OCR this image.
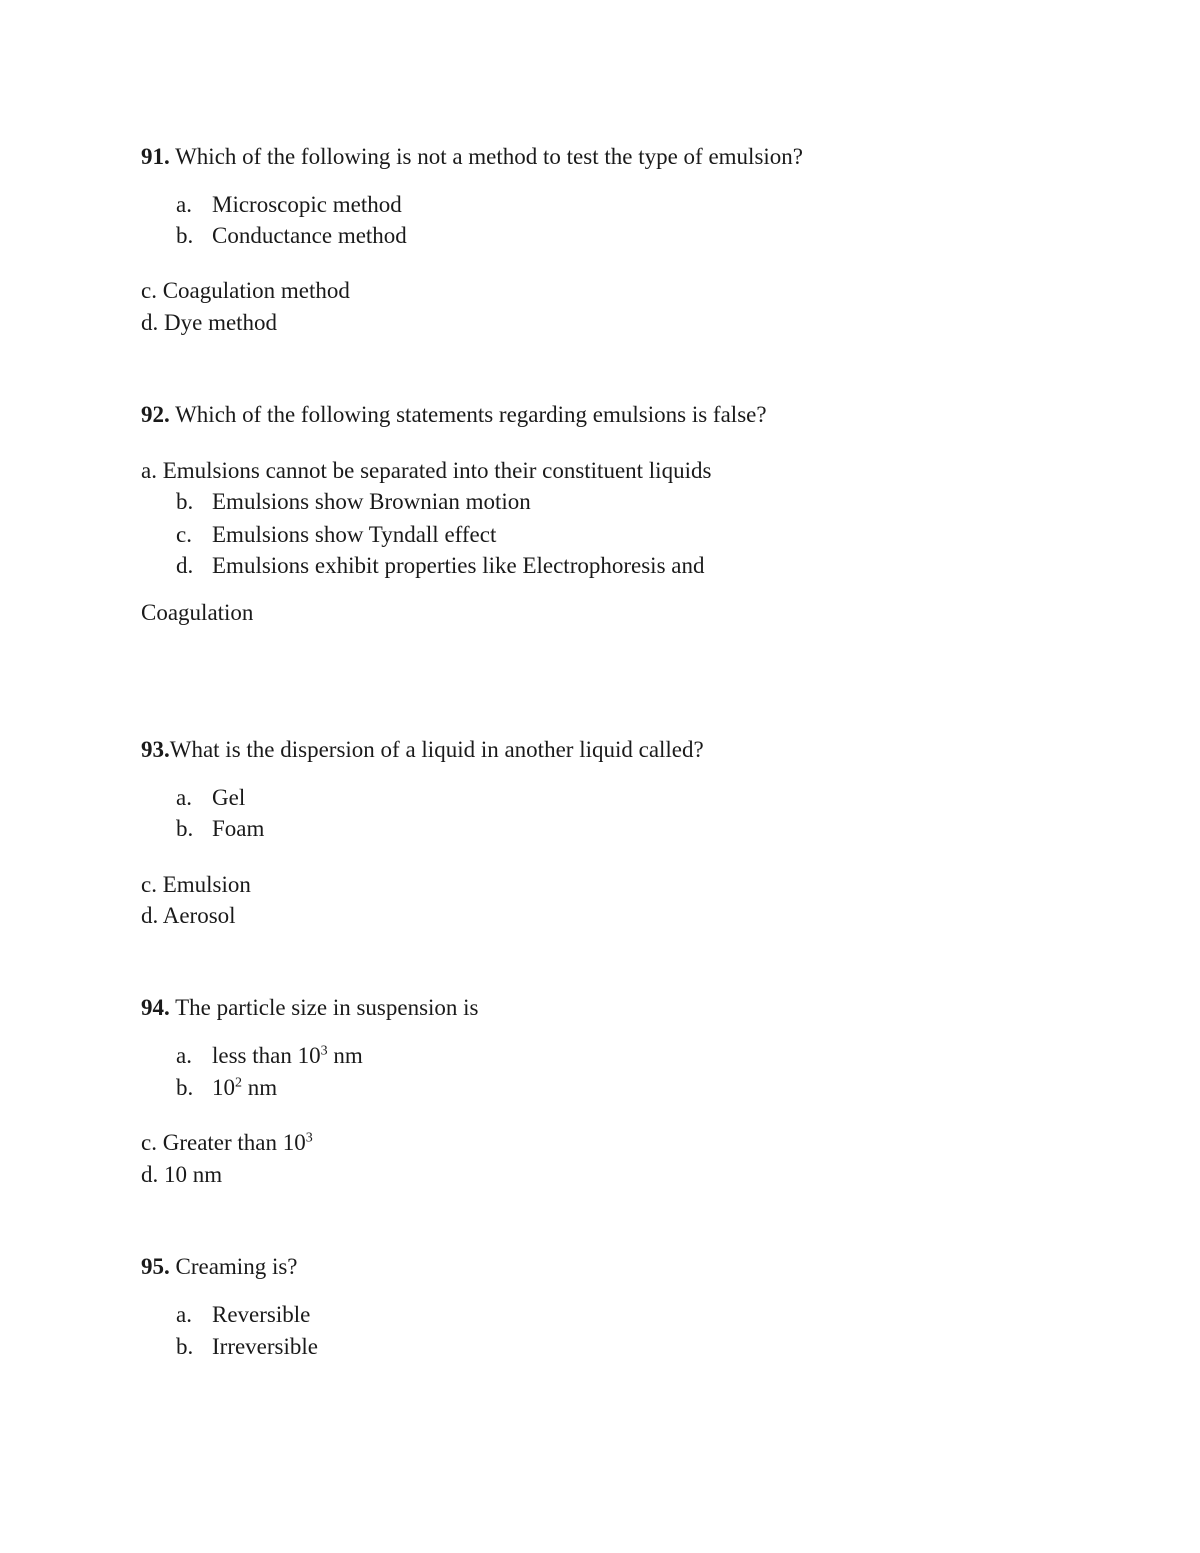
91. Which of the following is not a method to test the type of emulsion?
a. Microscopic method
b. Conductance method
c. Coagulation method
d. Dye method
92. Which of the following statements regarding emulsions is false?
a. Emulsions cannot be separated into their constituent liquids
b. Emulsions show Brownian motion
c. Emulsions show Tyndall effect
d. Emulsions exhibit properties like Electrophoresis and
Coagulation
93.What is the dispersion of a liquid in another liquid called?
a. Gel
b. Foam
c. Emulsion
d. Aerosol
94. The particle size in suspension is
a. less than $10^3$ nm
b. $10^2$ nm
c. Greater than $10^3$
d. 10 nm
95. Creaming is?
a. Reversible
b. Irreversible
